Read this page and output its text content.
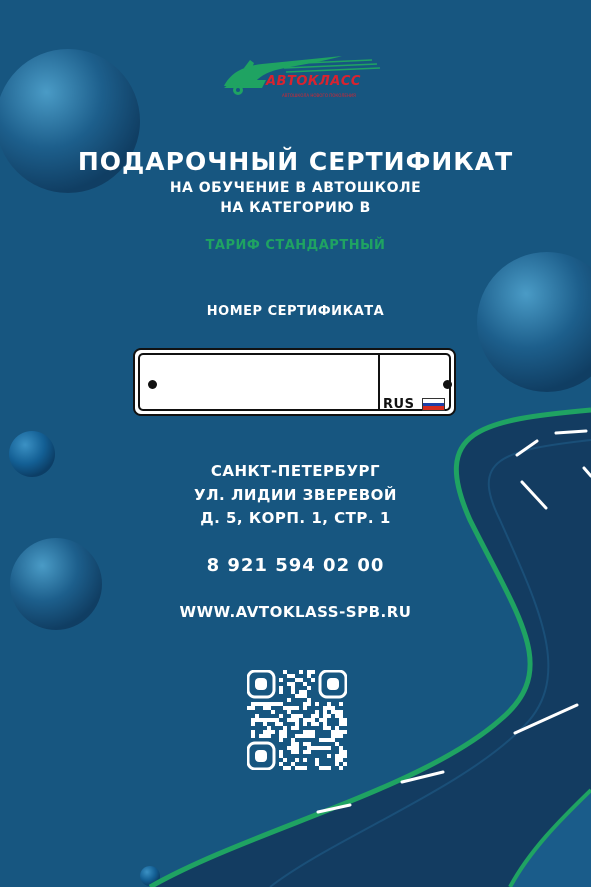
АВТОКЛАСС
АВТОШКОЛА НОВОГО ПОКОЛЕНИЯ
ПОДАРОЧНЫЙ СЕРТИФИКАТ
НА ОБУЧЕНИЕ В АВТОШКОЛЕ
НА КАТЕГОРИЮ В
ТАРИФ СТАНДАРТНЫЙ
НОМЕР СЕРТИФИКАТА
RUS
САНКТ-ПЕТЕРБУРГ
УЛ. ЛИДИИ ЗВЕРЕВОЙ
Д. 5, КОРП. 1, СТР. 1
8 921 594 02 00
WWW.AVTOKLASS-SPB.RU
